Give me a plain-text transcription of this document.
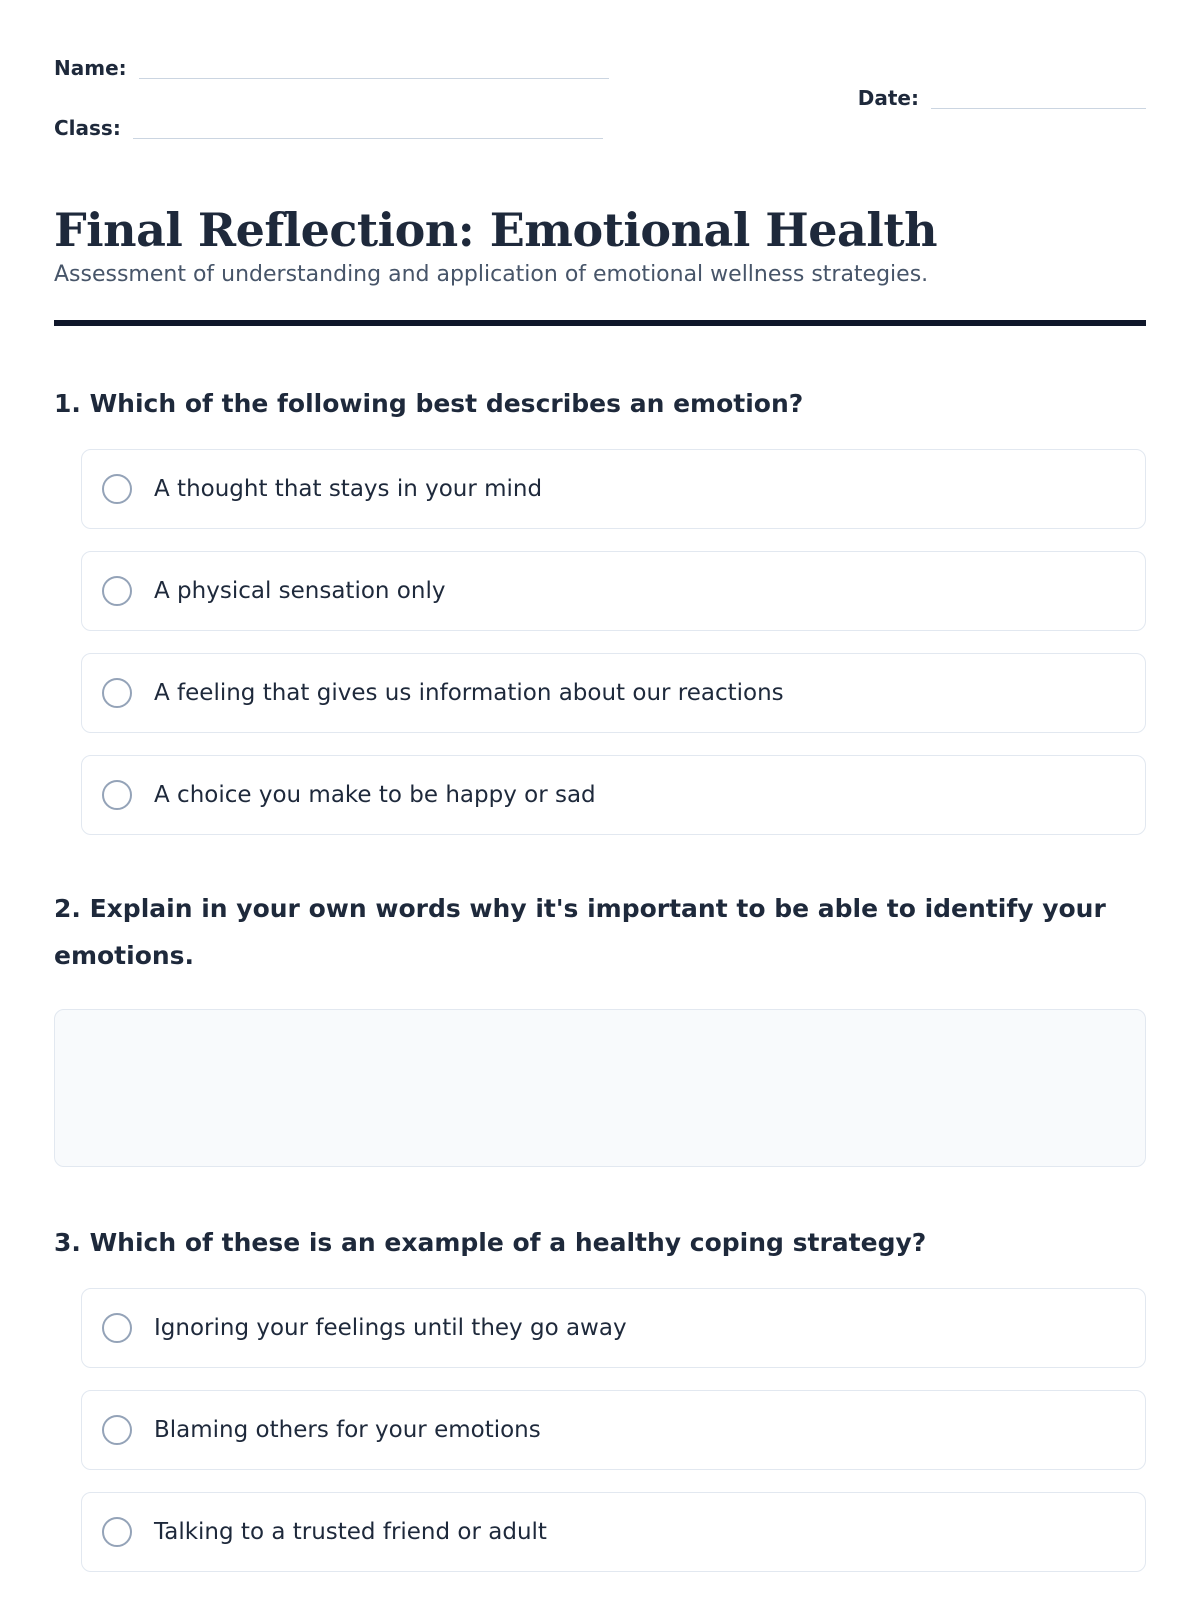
Name:
Class:
Date:
Final Reflection: Emotional Health

Assessment of understanding and application of emotional wellness strategies.

1. Which of the following best describes an emotion?

A thought that stays in your mind
A physical sensation only
A feeling that gives us information about our reactions
A choice you make to be happy or sad

2. Explain in your own words why it's important to be able to identify your emotions.

3. Which of these is an example of a healthy coping strategy?

Ignoring your feelings until they go away
Blaming others for your emotions
Talking to a trusted friend or adult
